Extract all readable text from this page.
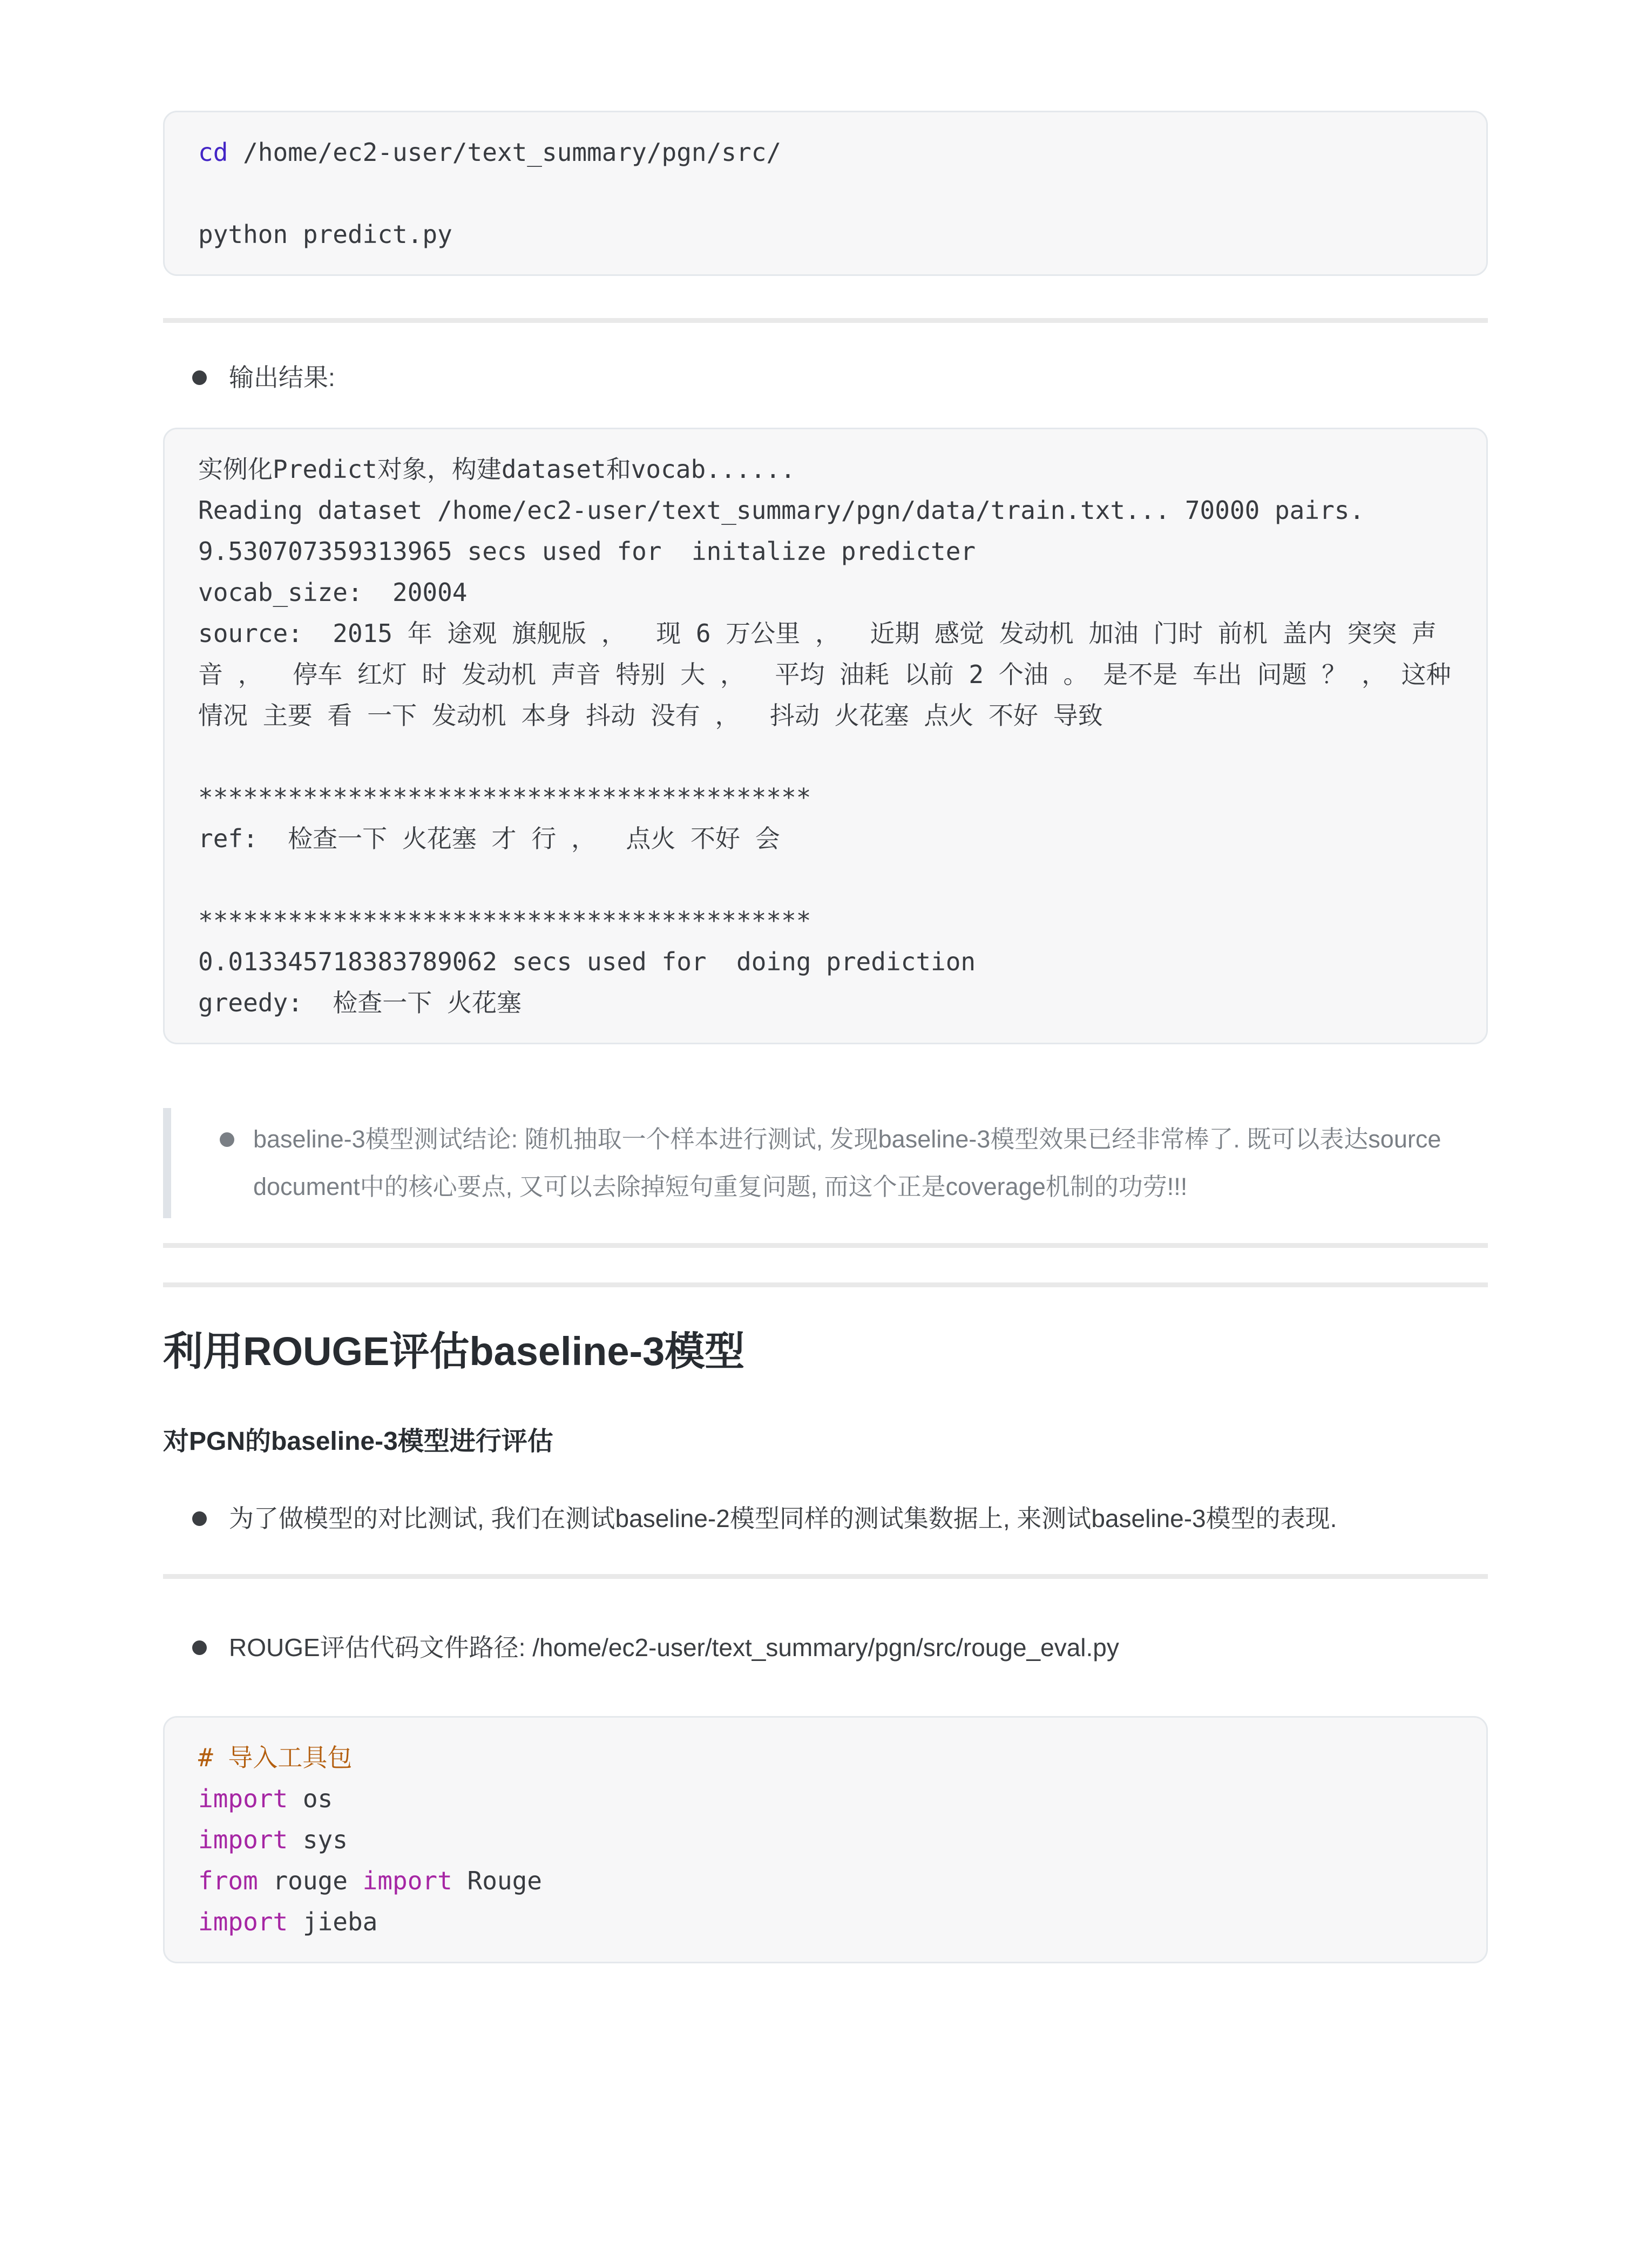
cd /home/ec2-user/text_summary/pgn/src/
python predict.py
输出结果:
实例化Predict对象，构建dataset和vocab......
Reading dataset /home/ec2-user/text_summary/pgn/data/train.txt... 70000 pairs.
9.530707359313965 secs used for  initalize predicter
vocab_size:  20004
source:  2015 年 途观 旗舰版 ，  现 6 万公里 ，  近期 感觉 发动机 加油 门时 前机 盖内 突突 声音 ，  停车 红灯 时 发动机 声音 特别 大 ，  平均 油耗 以前 2 个油 。 是不是 车出 问题 ？ ， 这种 情况 主要 看 一下 发动机 本身 抖动 没有 ，  抖动 火花塞 点火 不好 导致
*****************************************
ref:  检查一下 火花塞 才 行 ，  点火 不好 会
*****************************************
0.013345718383789062 secs used for  doing prediction
greedy:  检查一下 火花塞
baseline-3模型测试结论: 随机抽取一个样本进行测试, 发现baseline-3模型效果已经非常棒了. 既可以表达source document中的核心要点, 又可以去除掉短句重复问题, 而这个正是coverage机制的功劳!!!
利用ROUGE评估baseline-3模型
对PGN的baseline-3模型进行评估
为了做模型的对比测试, 我们在测试baseline-2模型同样的测试集数据上, 来测试baseline-3模型的表现.
ROUGE评估代码文件路径: /home/ec2-user/text_summary/pgn/src/rouge_eval.py
# 导入工具包
import os
import sys
from rouge import Rouge
import jieba
